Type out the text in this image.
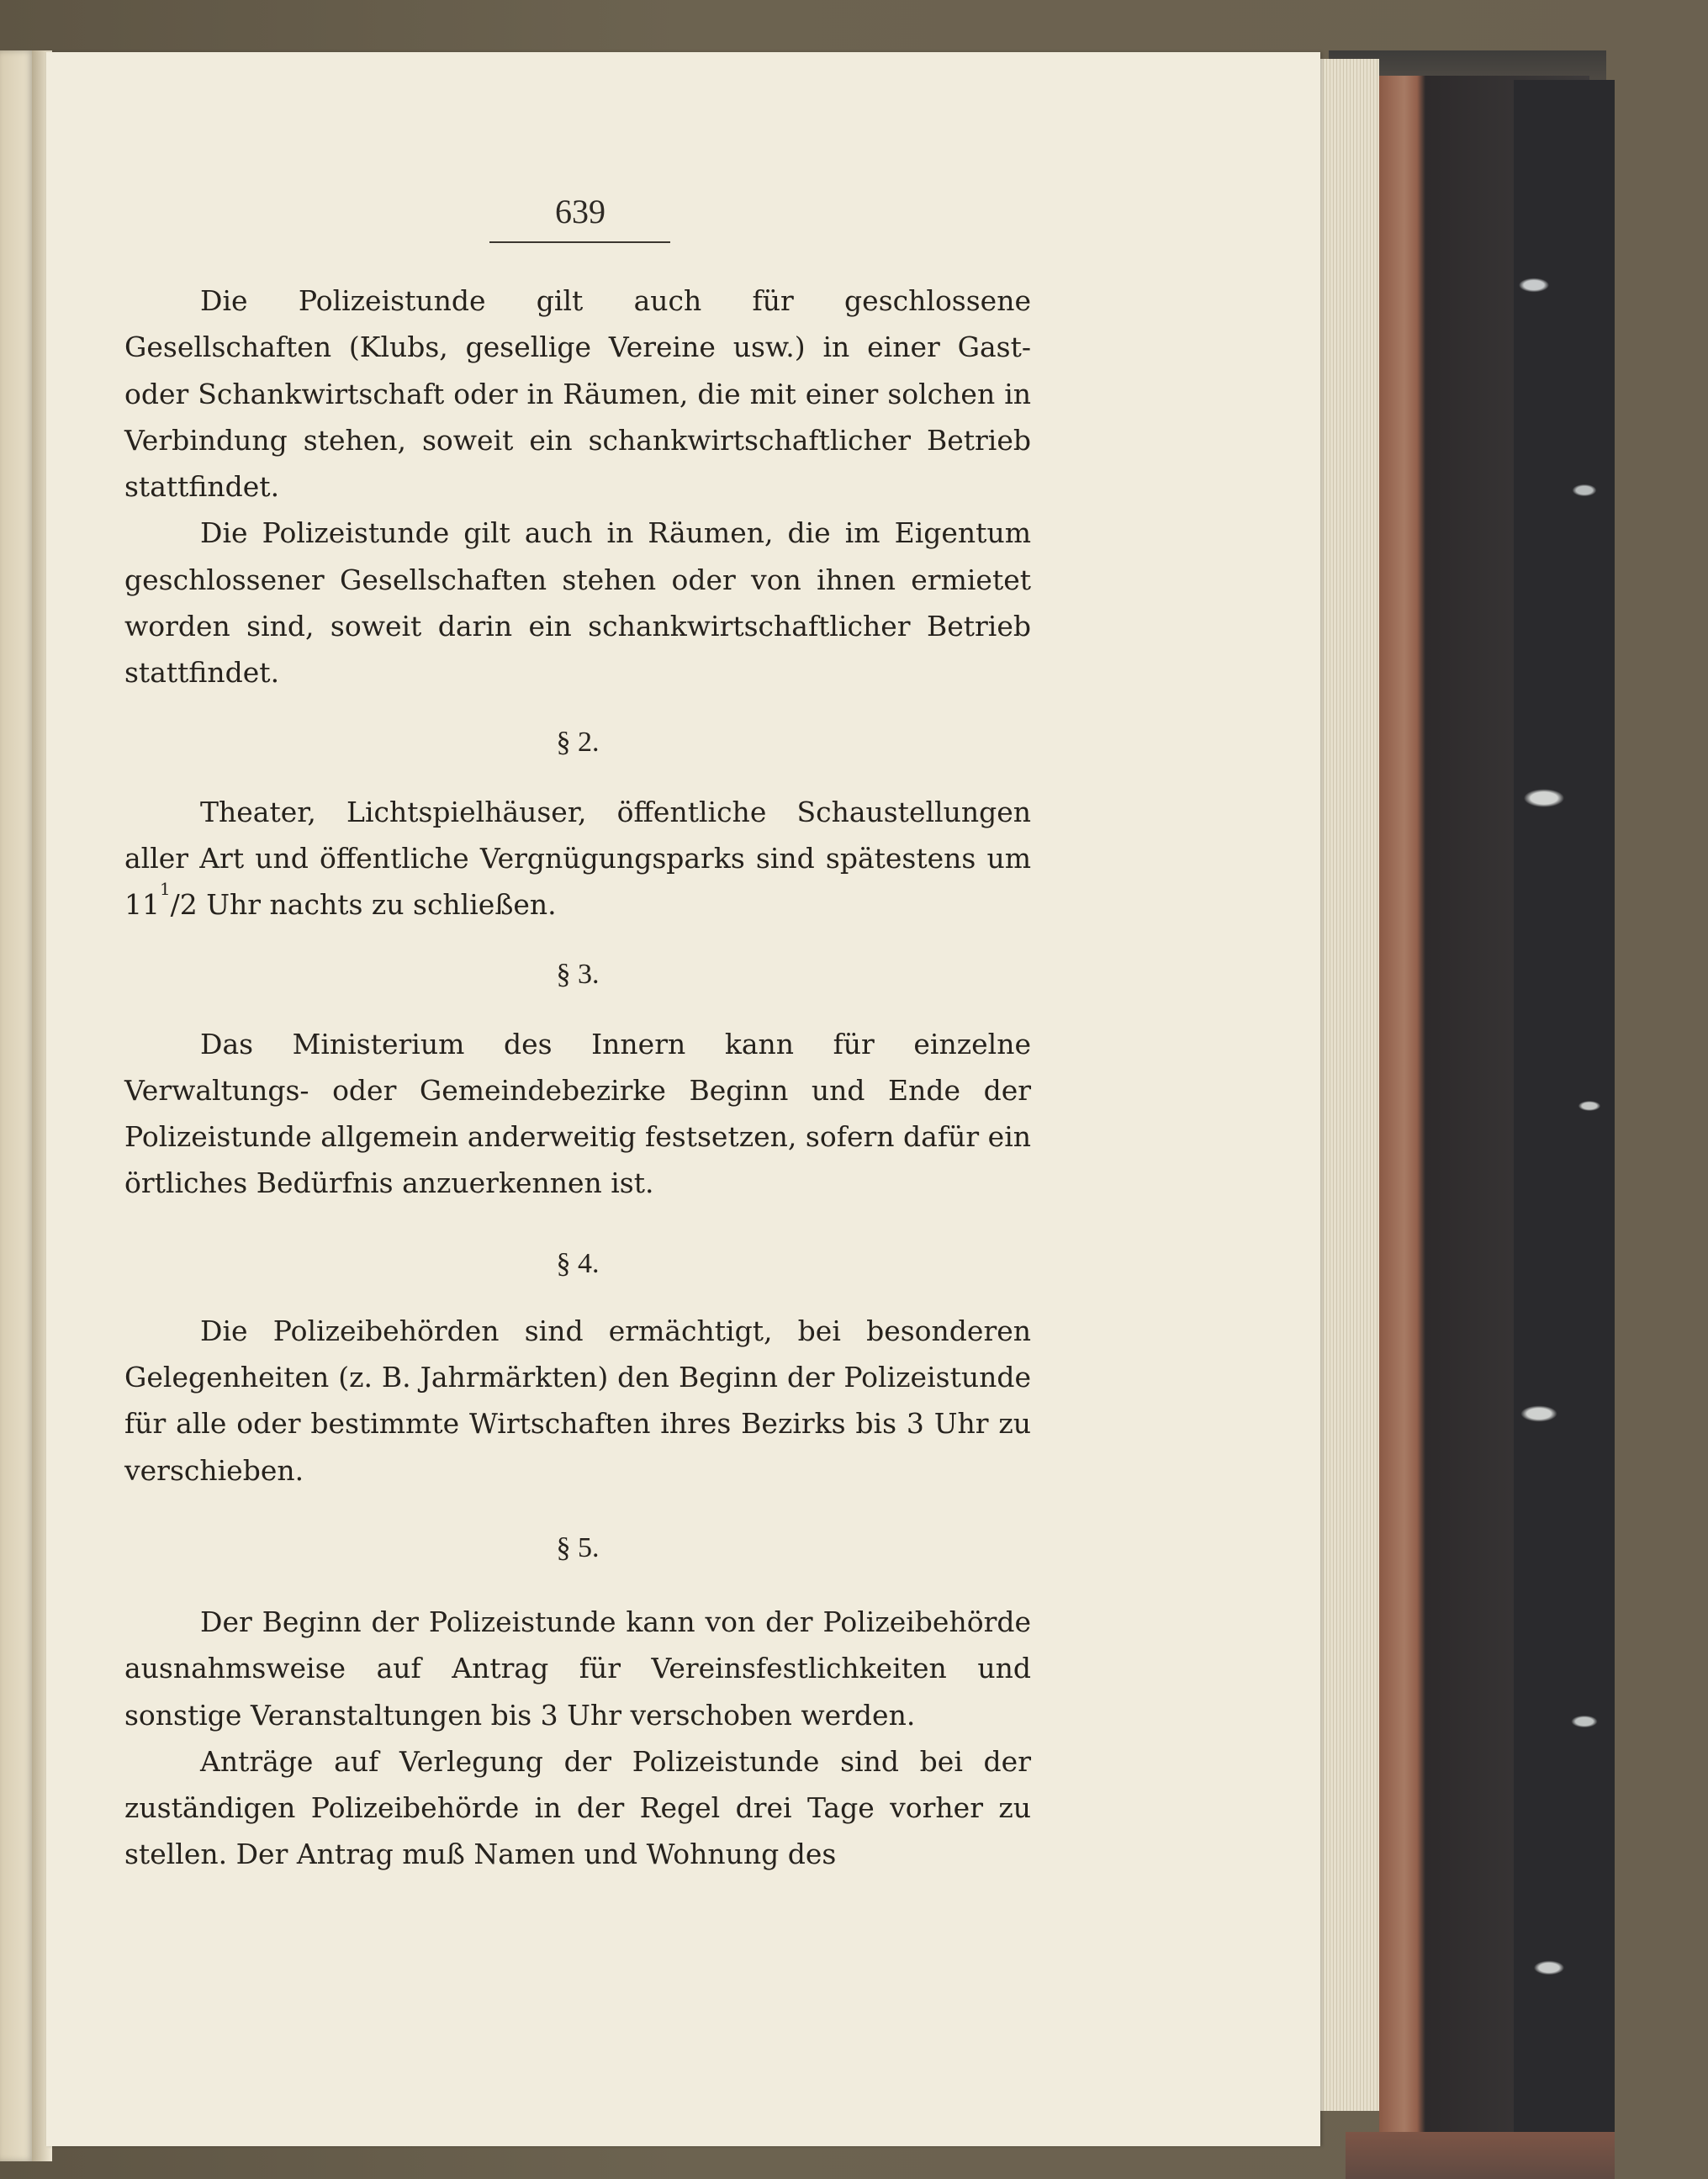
639

Die Polizeistunde gilt auch für geschlossene Gesellschaften (Klubs, gesellige Vereine usw.) in einer Gast- oder Schankwirtschaft oder in Räumen, die mit einer solchen in Verbindung stehen, soweit ein schankwirtschaftlicher Betrieb stattfindet.

Die Polizeistunde gilt auch in Räumen, die im Eigentum geschlossener Gesellschaften stehen oder von ihnen ermietet worden sind, soweit darin ein schankwirtschaftlicher Betrieb stattfindet.

§ 2.

Theater, Lichtspielhäuser, öffentliche Schaustellungen aller Art und öffentliche Vergnügungsparks sind spätestens um $11^1/2$ Uhr nachts zu schließen.

§ 3.

Das Ministerium des Innern kann für einzelne Verwaltungs- oder Gemeindebezirke Beginn und Ende der Polizeistunde allgemein anderweitig festsetzen, sofern dafür ein örtliches Bedürfnis anzuerkennen ist.

§ 4.

Die Polizeibehörden sind ermächtigt, bei besonderen Gelegenheiten (z. B. Jahrmärkten) den Beginn der Polizeistunde für alle oder bestimmte Wirtschaften ihres Bezirks bis 3 Uhr zu verschieben.

§ 5.

Der Beginn der Polizeistunde kann von der Polizeibehörde ausnahmsweise auf Antrag für Vereinsfestlichkeiten und sonstige Veranstaltungen bis 3 Uhr verschoben werden.

Anträge auf Verlegung der Polizeistunde sind bei der zuständigen Polizeibehörde in der Regel drei Tage vorher zu stellen. Der Antrag muß Namen und Wohnung des
